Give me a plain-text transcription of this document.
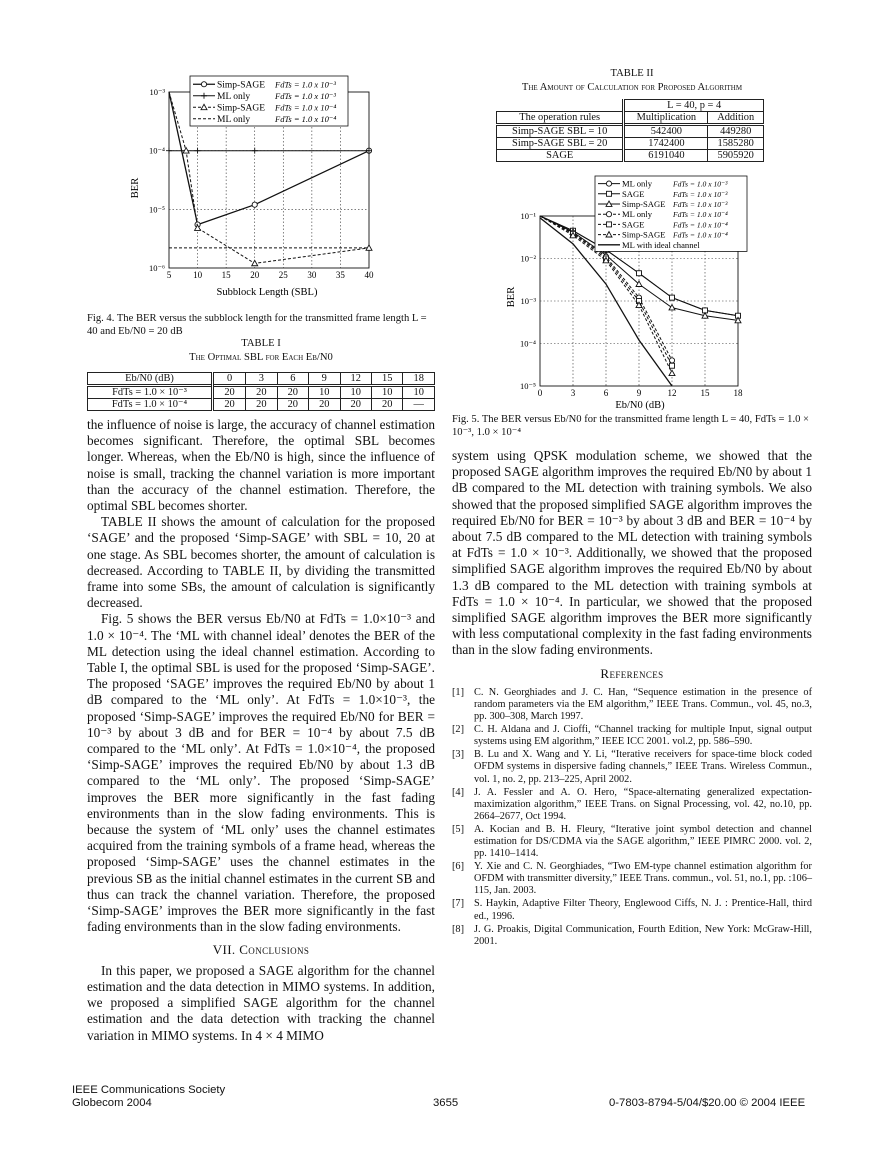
5 10 15 20 25 30 35 40
10⁻³
10⁻⁴
10⁻⁵
10⁻⁶
BER
Subblock Length (SBL)
Simp-SAGE FdTs = 1.0 x 10⁻³
ML only	FdTs = 1.0 x 10⁻³
Simp-SAGE FdTs = 1.0 x 10⁻⁴
ML only	FdTs = 1.0 x 10⁻⁴
Fig. 4. The BER versus the subblock length for the transmitted frame length L = 40 and Eb/N0 = 20 dB
TABLE I
The Optimal SBL for Each Eb/N0
Eb/N0 (dB)	0	3	6	9	12	15	18
FdTs = 1.0 × 10⁻³	20	20	20	10	10	10	10
FdTs = 1.0 × 10⁻⁴	20	20	20	20	20	20	—

the influence of noise is large, the accuracy of channel estimation becomes significant. Therefore, the optimal SBL becomes longer. Whereas, when the Eb/N0 is high, since the influence of noise is small, tracking the channel variation is more important than the accuracy of the channel estimation. Therefore, the optimal SBL becomes shorter.

TABLE II shows the amount of calculation for the proposed ‘SAGE’ and the proposed ‘Simp-SAGE’ with SBL = 10, 20 at one stage. As SBL becomes shorter, the amount of calculation is decreased. According to TABLE II, by dividing the transmitted frame into some SBs, the amount of calculation is significantly decreased.

Fig. 5 shows the BER versus Eb/N0 at FdTs = 1.0×10⁻³ and 1.0 × 10⁻⁴. The ‘ML with channel ideal’ denotes the BER of the ML detection using the ideal channel estimation. According to Table I, the optimal SBL is used for the proposed ‘Simp-SAGE’. The proposed ‘SAGE’ improves the required Eb/N0 by about 1 dB compared to the ‘ML only’. At FdTs = 1.0×10⁻³, the proposed ‘Simp-SAGE’ improves the required Eb/N0 for BER = 10⁻³ by about 3 dB and for BER = 10⁻⁴ by about 7.5 dB compared to the ‘ML only’. At FdTs = 1.0×10⁻⁴, the proposed ‘Simp-SAGE’ improves the required Eb/N0 by about 1.3 dB compared to the ‘ML only’. The proposed ‘Simp-SAGE’ improves the BER more significantly in the fast fading environments than in the slow fading environments. This is because the system of ‘ML only’ uses the channel estimates acquired from the training symbols of a frame head, whereas the proposed ‘Simp-SAGE’ uses the channel estimates in the previous SB as the initial channel estimates in the current SB and thus can track the channel variation. Therefore, the proposed ‘Simp-SAGE’ improves the BER more significantly in the fast fading environments than in the slow fading environments.

VII. Conclusions

In this paper, we proposed a SAGE algorithm for the channel estimation and the data detection in MIMO systems. In addition, we proposed a simplified SAGE algorithm for the channel estimation and the data detection with tracking the channel variation in MIMO systems. In 4 × 4 MIMO

TABLE II
The Amount of Calculation for Proposed Algorithm
	L = 40, p = 4	
The operation rules	Multiplication	Addition
Simp-SAGE SBL = 10	542400	449280
Simp-SAGE SBL = 20	1742400	1585280
SAGE	6191040	5905920
0	3	6	9	12	15	18
10⁻¹
10⁻²
10⁻³
10⁻⁴
10⁻⁵
BER
Eb/N0 (dB)
ML only	FdTs = 1.0 x 10⁻³
SAGE	FdTs = 1.0 x 10⁻³
Simp-SAGE FdTs = 1.0 x 10⁻³
ML only	FdTs = 1.0 x 10⁻⁴
SAGE	FdTs = 1.0 x 10⁻⁴
Simp-SAGE FdTs = 1.0 x 10⁻⁴
ML with ideal channel
Fig. 5. The BER versus Eb/N0 for the transmitted frame length L = 40, FdTs = 1.0 × 10⁻³, 1.0 × 10⁻⁴

system using QPSK modulation scheme, we showed that the proposed SAGE algorithm improves the required Eb/N0 by about 1 dB compared to the ML detection with training symbols. We also showed that the proposed simplified SAGE algorithm improves the required Eb/N0 for BER = 10⁻³ by about 3 dB and BER = 10⁻⁴ by about 7.5 dB compared to the ML detection with training symbols at FdTs = 1.0 × 10⁻³. Additionally, we showed that the proposed simplified SAGE algorithm improves the required Eb/N0 by about 1.3 dB compared to the ML detection with training symbols at FdTs = 1.0 × 10⁻⁴. In particular, we showed that the proposed simplified SAGE algorithm improves the BER more significantly with less computational complexity in the fast fading environments than in the slow fading environments.

References
[1] C. N. Georghiades and J. C. Han, “Sequence estimation in the presence of random parameters via the EM algorithm,” IEEE Trans. Commun., vol. 45, no.3, pp. 300–308, March 1997.
[2] C. H. Aldana and J. Cioffi, “Channel tracking for multiple Input, signal output systems using EM algorithm,” IEEE ICC 2001. vol.2, pp. 586–590.
[3] B. Lu and X. Wang and Y. Li, “Iterative receivers for space-time block coded OFDM systems in dispersive fading channels,” IEEE Trans. Wireless Commun., vol. 1, no. 2, pp. 213–225, April 2002.
[4] J. A. Fessler and A. O. Hero, “Space-alternating generalized expectation-maximization algorithm,” IEEE Trans. on Signal Processing, vol. 42, no.10, pp. 2664–2677, Oct 1994.
[5] A. Kocian and B. H. Fleury, “Iterative joint symbol detection and channel estimation for DS/CDMA via the SAGE algorithm,” IEEE PIMRC 2000. vol. 2, pp. 1410–1414.
[6] Y. Xie and C. N. Georghiades, “Two EM-type channel estimation algorithm for OFDM with transmitter diversity,” IEEE Trans. commun., vol. 51, no.1, pp. :106–115, Jan. 2003.
[7] S. Haykin, Adaptive Filter Theory, Englewood Ciffs, N. J. : Prentice-Hall, third ed., 1996.
[8] J. G. Proakis, Digital Communication, Fourth Edition, New York: McGraw-Hill, 2001.
IEEE Communications Society
Globecom 2004	3655	0-7803-8794-5/04/$20.00 © 2004 IEEE
